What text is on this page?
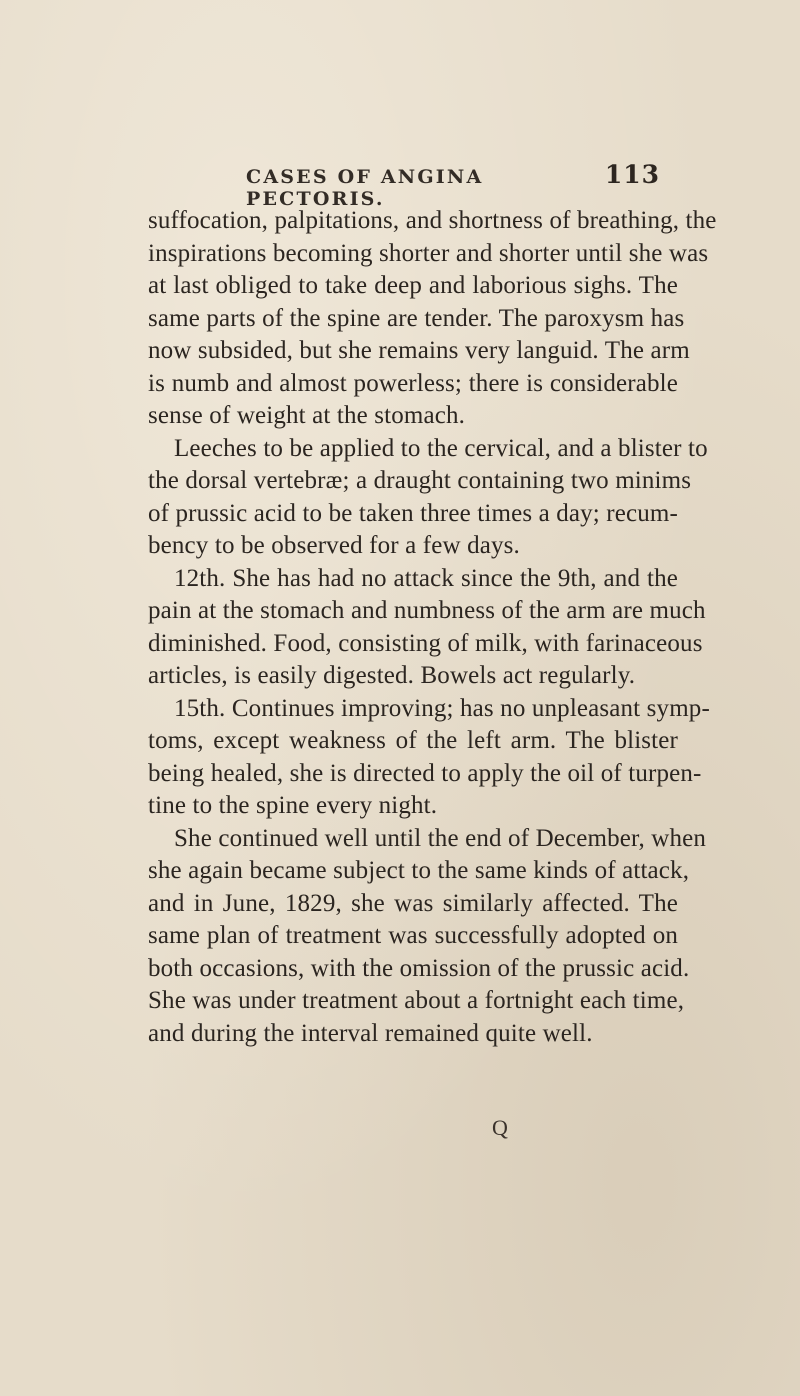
CASES OF ANGINA PECTORIS.
113
suffocation, palpitations, and shortness of breathing, the
inspirations becoming shorter and shorter until she was
at last obliged to take deep and laborious sighs. The
same parts of the spine are tender. The paroxysm has
now subsided, but she remains very languid. The arm
is numb and almost powerless; there is considerable
sense of weight at the stomach.
Leeches to be applied to the cervical, and a blister to
the dorsal vertebræ; a draught containing two minims
of prussic acid to be taken three times a day; recum-
bency to be observed for a few days.
12th. She has had no attack since the 9th, and the
pain at the stomach and numbness of the arm are much
diminished. Food, consisting of milk, with farinaceous
articles, is easily digested. Bowels act regularly.
15th. Continues improving; has no unpleasant symp-
toms, except weakness of the left arm. The blister
being healed, she is directed to apply the oil of turpen-
tine to the spine every night.
She continued well until the end of December, when
she again became subject to the same kinds of attack,
and in June, 1829, she was similarly affected. The
same plan of treatment was successfully adopted on
both occasions, with the omission of the prussic acid.
She was under treatment about a fortnight each time,
and during the interval remained quite well.
Q
